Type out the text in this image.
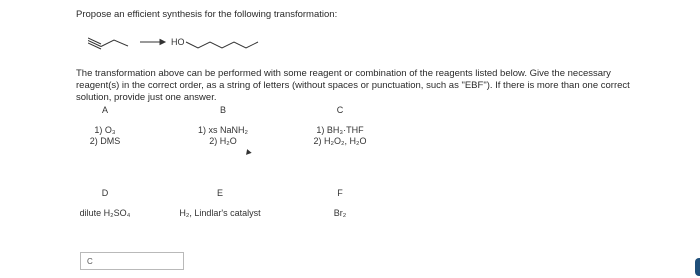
Propose an efficient synthesis for the following transformation:
HO
The transformation above can be performed with some reagent or combination of the reagents listed below. Give the necessary reagent(s) in the correct order, as a string of letters (without spaces or punctuation, such as "EBF"). If there is more than one correct solution, provide just one answer.
A
1) O₃
2) DMS
B
1) xs NaNH₂
2) H₂O
C
1) BH₃·THF
2) H₂O₂, H₂O
D
dilute H₂SO₄
E
H₂, Lindlar's catalyst
F
Br₂
C
